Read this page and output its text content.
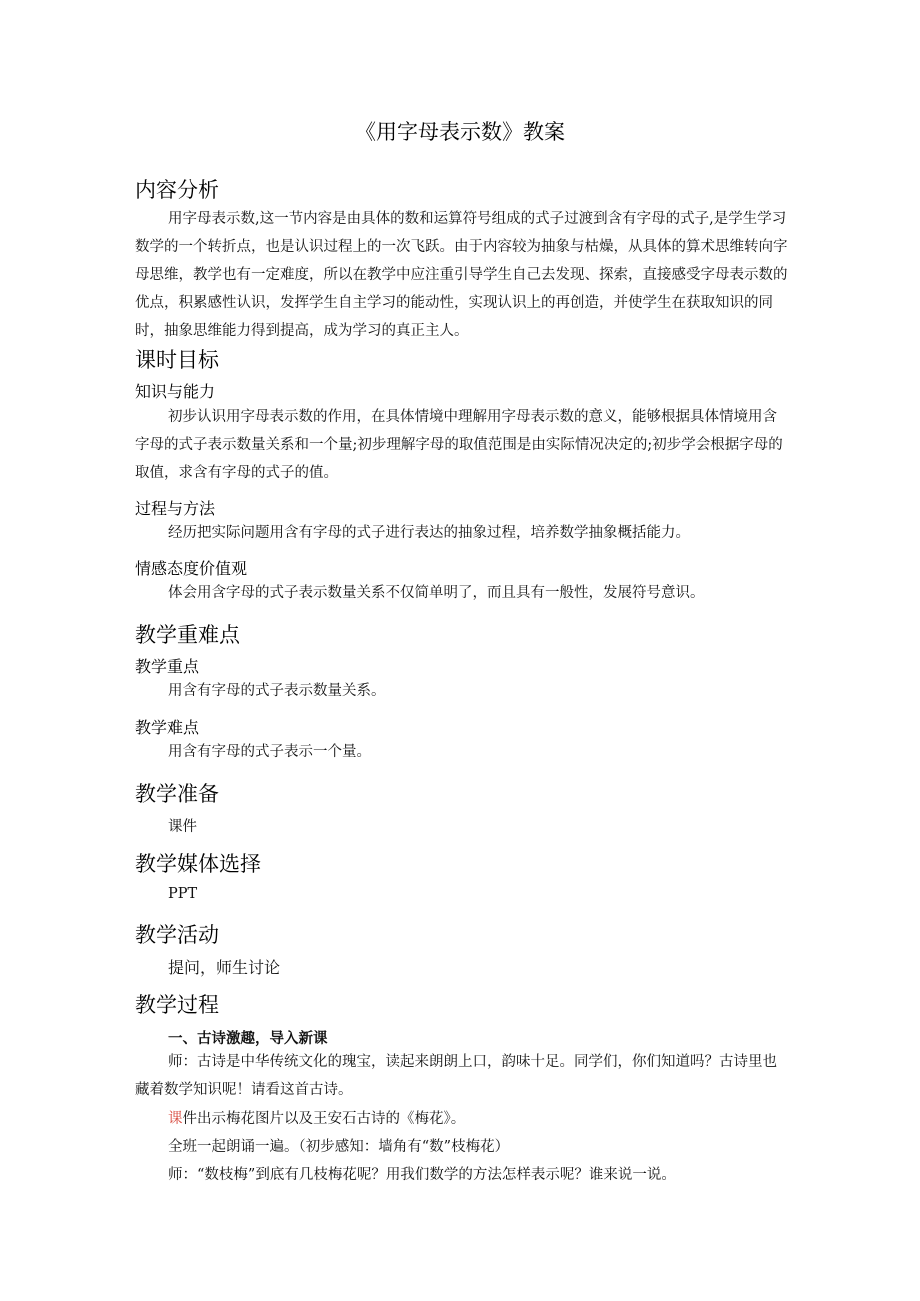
《用字母表示数》教案
内容分析
用字母表示数,这一节内容是由具体的数和运算符号组成的式子过渡到含有字母的式子,是学生学习数学的一个转折点，也是认识过程上的一次飞跃。由于内容较为抽象与枯燥，从具体的算术思维转向字母思维，教学也有一定难度，所以在教学中应注重引导学生自己去发现、探索，直接感受字母表示数的优点，积累感性认识，发挥学生自主学习的能动性，实现认识上的再创造，并使学生在获取知识的同时，抽象思维能力得到提高，成为学习的真正主人。
课时目标
知识与能力
初步认识用字母表示数的作用，在具体情境中理解用字母表示数的意义，能够根据具体情境用含字母的式子表示数量关系和一个量;初步理解字母的取值范围是由实际情况决定的;初步学会根据字母的取值，求含有字母的式子的值。
过程与方法
经历把实际问题用含有字母的式子进行表达的抽象过程，培养数学抽象概括能力。
情感态度价值观
体会用含字母的式子表示数量关系不仅简单明了，而且具有一般性，发展符号意识。
教学重难点
教学重点
用含有字母的式子表示数量关系。
教学难点
用含有字母的式子表示一个量。
教学准备
课件
教学媒体选择
PPT
教学活动
提问，师生讨论
教学过程
一、古诗激趣，导入新课
师：古诗是中华传统文化的瑰宝，读起来朗朗上口，韵味十足。同学们，你们知道吗？古诗里也藏着数学知识呢！请看这首古诗。
课件出示梅花图片以及王安石古诗的《梅花》。
全班一起朗诵一遍。（初步感知：墙角有“数”枝梅花）
师：“数枝梅”到底有几枝梅花呢？用我们数学的方法怎样表示呢？谁来说一说。
